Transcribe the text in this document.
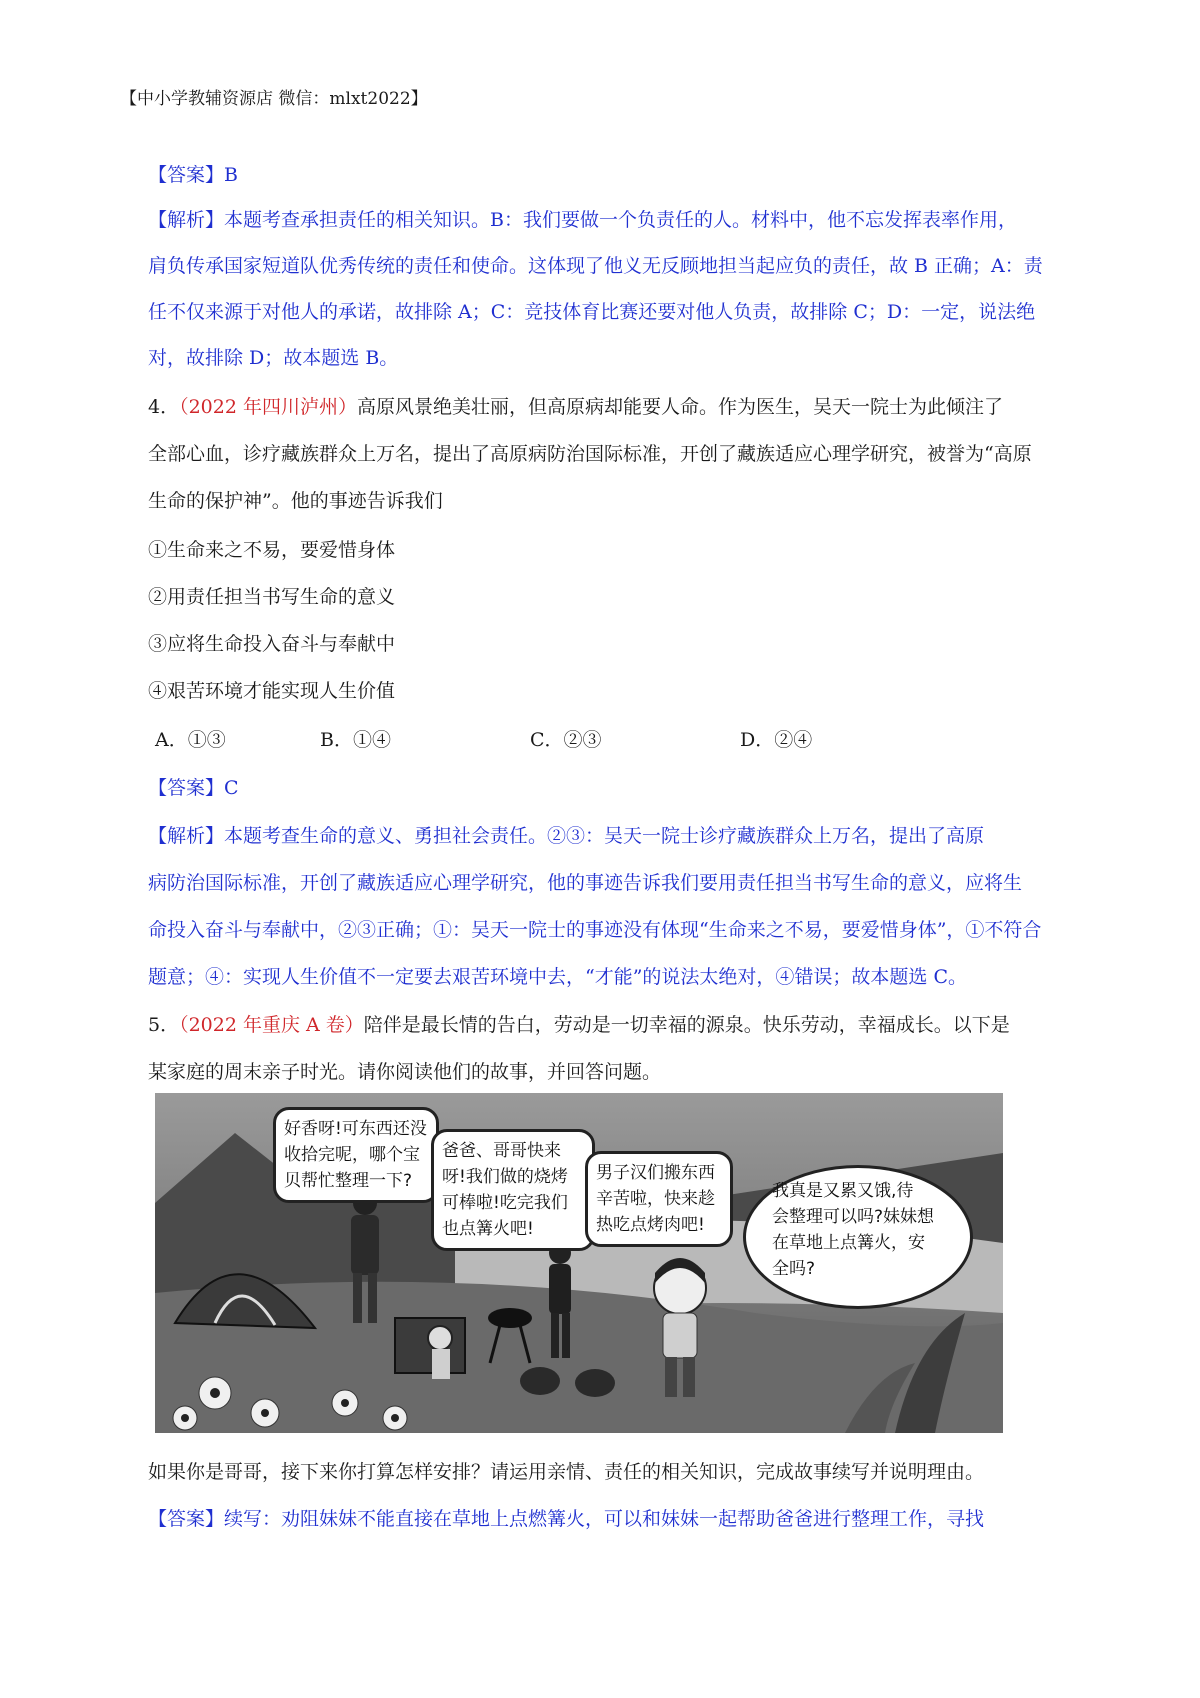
【中小学教辅资源店 微信：mlxt2022】
【答案】B
【解析】本题考查承担责任的相关知识。B：我们要做一个负责任的人。材料中，他不忘发挥表率作用，
肩负传承国家短道队优秀传统的责任和使命。这体现了他义无反顾地担当起应负的责任，故 B 正确；A：责
任不仅来源于对他人的承诺，故排除 A；C：竞技体育比赛还要对他人负责，故排除 C；D：一定，说法绝
对，故排除 D；故本题选 B。
4．（2022 年四川泸州）高原风景绝美壮丽，但高原病却能要人命。作为医生，吴天一院士为此倾注了
全部心血，诊疗藏族群众上万名，提出了高原病防治国际标准，开创了藏族适应心理学研究，被誉为“高原
生命的保护神”。他的事迹告诉我们
①生命来之不易，要爱惜身体
②用责任担当书写生命的意义
③应将生命投入奋斗与奉献中
④艰苦环境才能实现人生价值
A．①③	B．①④	C．②③	D．②④
【答案】C
【解析】本题考查生命的意义、勇担社会责任。②③：吴天一院士诊疗藏族群众上万名，提出了高原
病防治国际标准，开创了藏族适应心理学研究，他的事迹告诉我们要用责任担当书写生命的意义，应将生
命投入奋斗与奉献中，②③正确；①：吴天一院士的事迹没有体现“生命来之不易，要爱惜身体”，①不符合
题意；④：实现人生价值不一定要去艰苦环境中去，“才能”的说法太绝对，④错误；故本题选 C。
5．（2022 年重庆 A 卷）陪伴是最长情的告白，劳动是一切幸福的源泉。快乐劳动，幸福成长。以下是
某家庭的周末亲子时光。请你阅读他们的故事，并回答问题。
好香呀!可东西还没
收拾完呢，哪个宝
贝帮忙整理一下?
爸爸、哥哥快来
呀!我们做的烧烤
可棒啦!吃完我们
也点篝火吧!
男子汉们搬东西
辛苦啦，快来趁
热吃点烤肉吧!
我真是又累又饿,待
会整理可以吗?妹妹想
在草地上点篝火，安
全吗?
如果你是哥哥，接下来你打算怎样安排？请运用亲情、责任的相关知识，完成故事续写并说明理由。
【答案】续写：劝阻妹妹不能直接在草地上点燃篝火，可以和妹妹一起帮助爸爸进行整理工作，寻找
